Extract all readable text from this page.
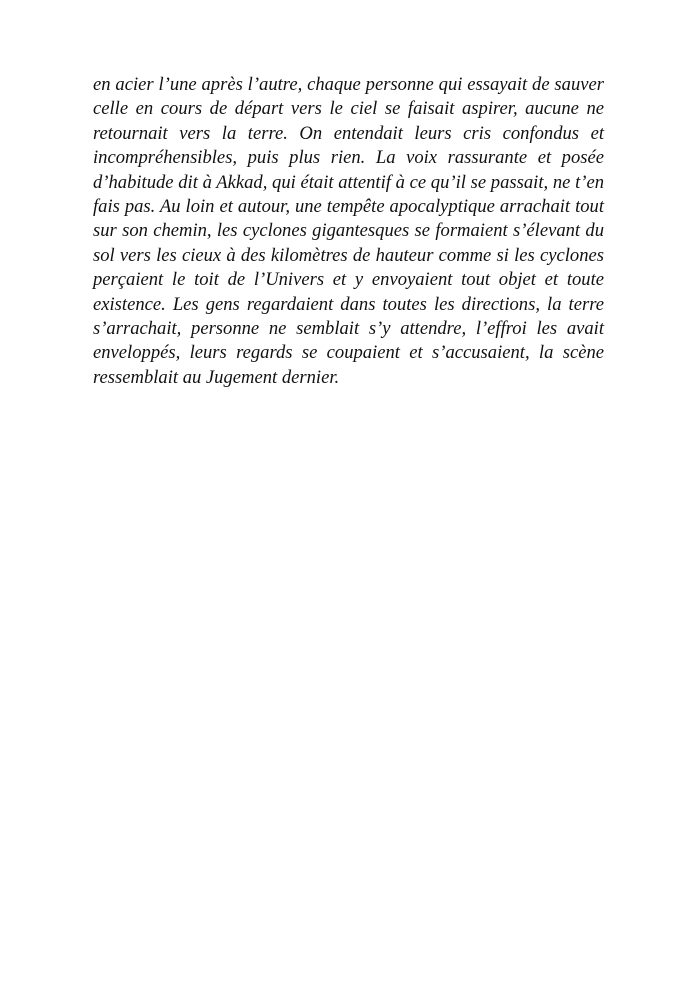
en acier l’une après l’autre, chaque personne qui essayait de sauver
celle en cours de départ vers le ciel se faisait aspirer, aucune ne
retournait vers la terre. On entendait leurs cris confondus et
incompréhensibles, puis plus rien. La voix rassurante et posée
d’habitude dit à Akkad, qui était attentif à ce qu’il se passait, ne t’en
fais pas. Au loin et autour, une tempête apocalyptique arrachait tout
sur son chemin, les cyclones gigantesques se formaient s’élevant du
sol vers les cieux à des kilomètres de hauteur comme si les cyclones
perçaient le toit de l’Univers et y envoyaient tout objet et toute
existence. Les gens regardaient dans toutes les directions, la terre
s’arrachait, personne ne semblait s’y attendre, l’effroi les avait
enveloppés, leurs regards se coupaient et s’accusaient, la scène
ressemblait au Jugement dernier.
